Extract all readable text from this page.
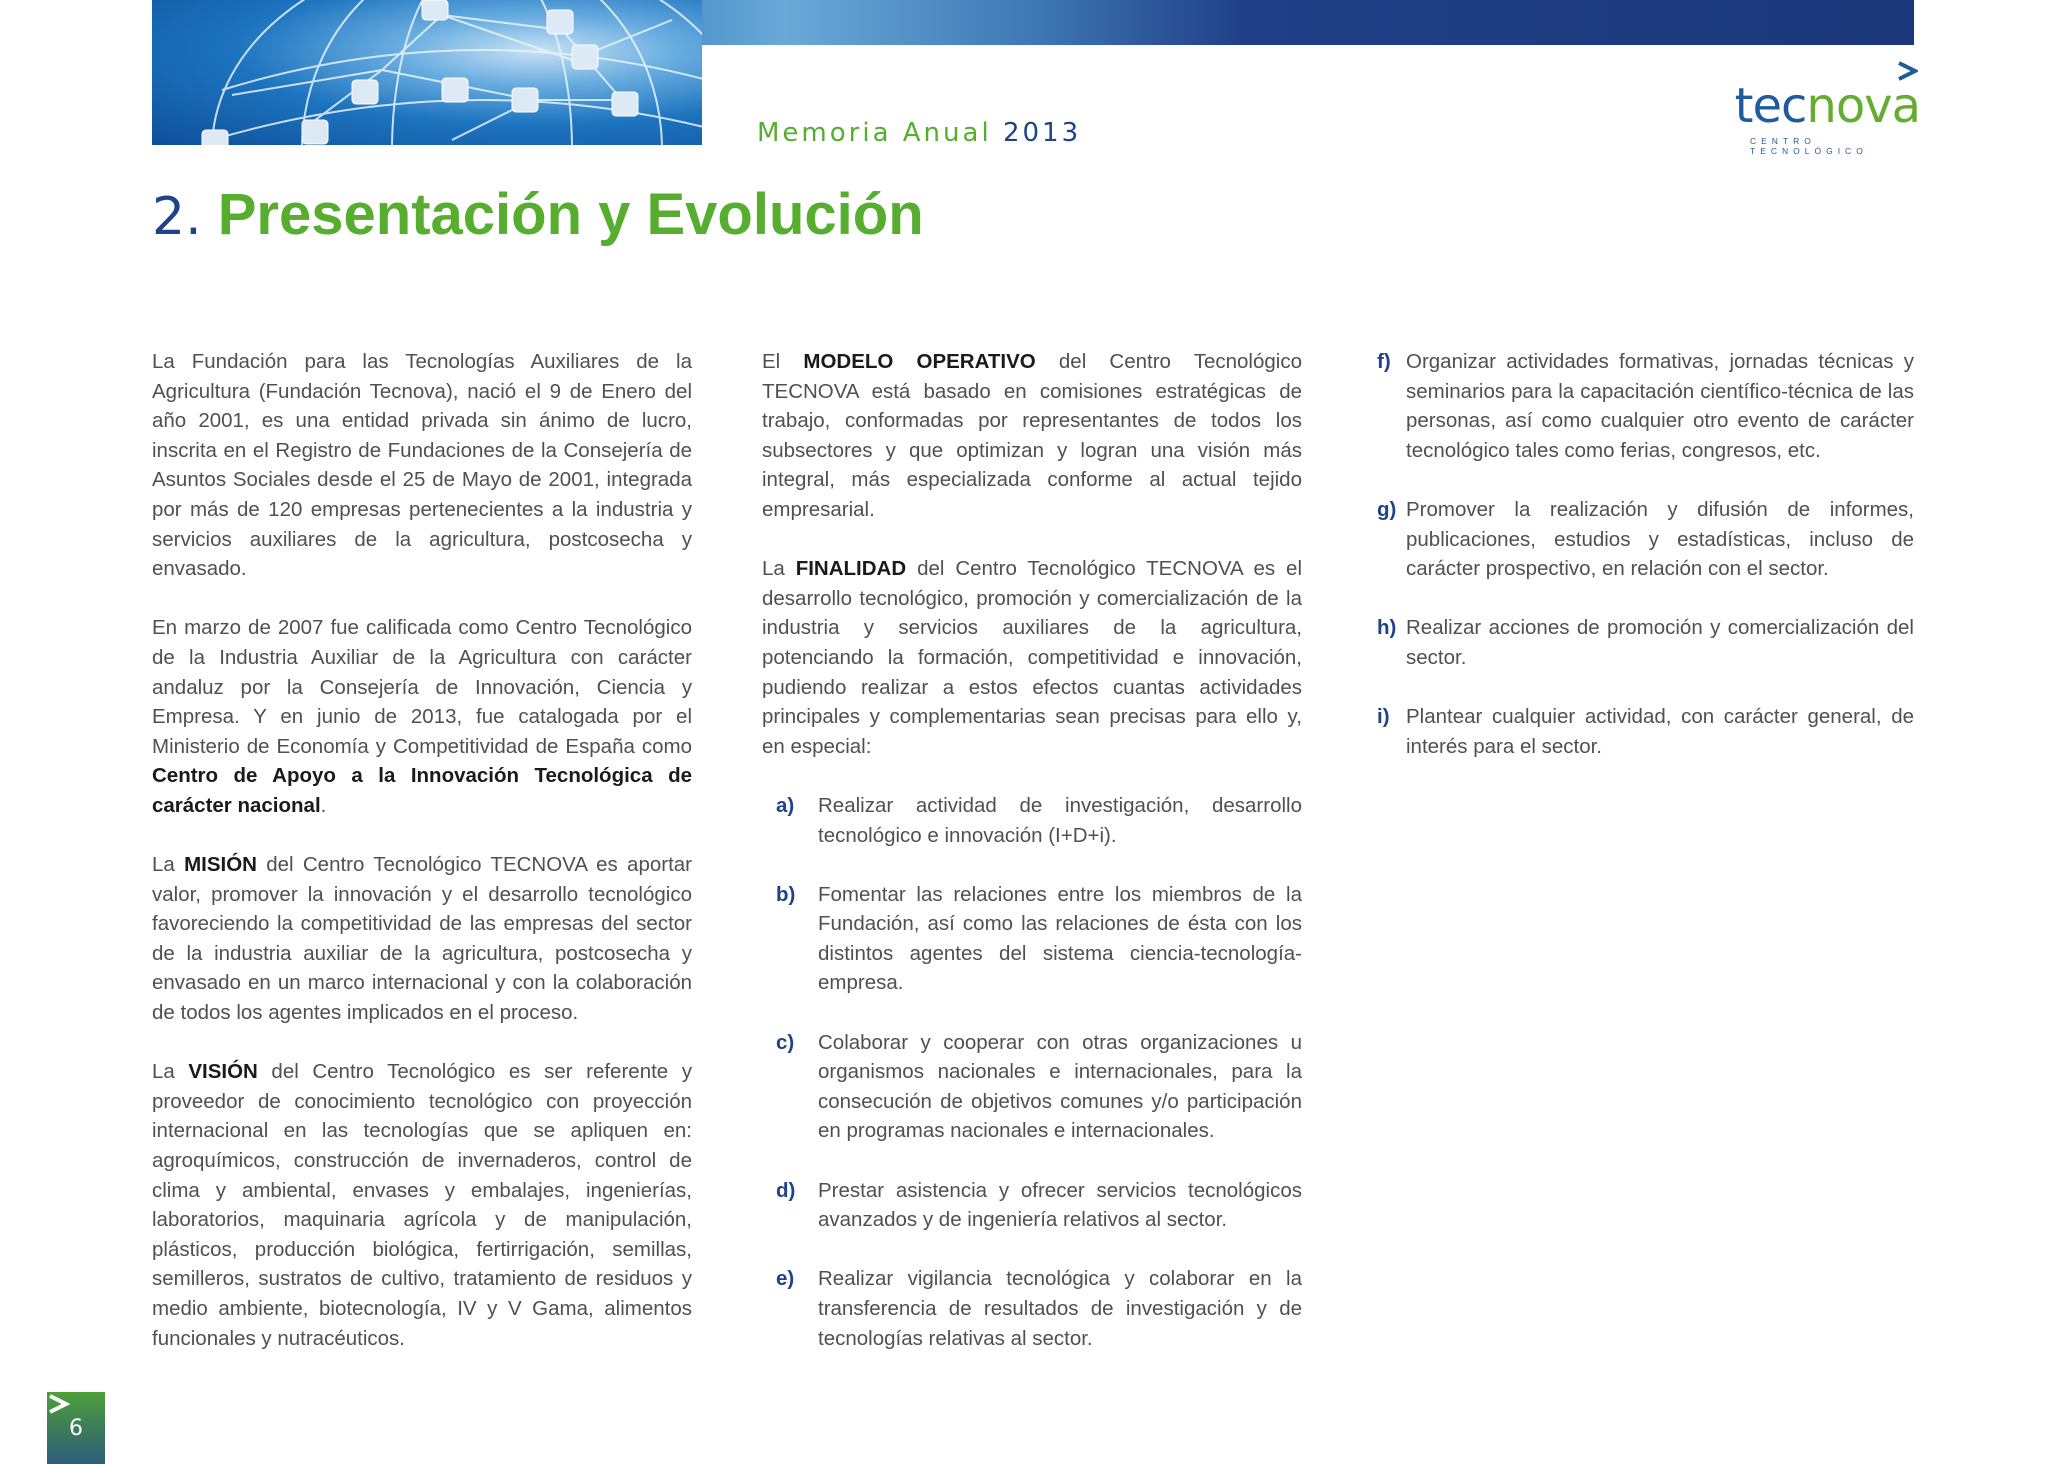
Memoria Anual 2013	tecnova
CENTRO TECNOLÓGICO
2. Presentación y Evolución

La Fundación para las Tecnologías Auxiliares de la Agricultura (Fundación Tecnova), nació el 9 de Enero del año 2001, es una entidad privada sin ánimo de lucro, inscrita en el Registro de Fundaciones de la Consejería de Asuntos Sociales desde el 25 de Mayo de 2001, integrada por más de 120 empresas pertenecientes a la industria y servicios auxiliares de la agricultura, postcosecha y envasado.

En marzo de 2007 fue calificada como Centro Tecnológico de la Industria Auxiliar de la Agricultura con carácter andaluz por la Consejería de Innovación, Ciencia y Empresa. Y en junio de 2013, fue catalogada por el Ministerio de Economía y Competitividad de España como Centro de Apoyo a la Innovación Tecnológica de carácter nacional.

La MISIÓN del Centro Tecnológico TECNOVA es aportar valor, promover la innovación y el desarrollo tecnológico favoreciendo la competitividad de las empresas del sector de la industria auxiliar de la agricultura, postcosecha y envasado en un marco internacional y con la colaboración de todos los agentes implicados en el proceso.

La VISIÓN del Centro Tecnológico es ser referente y proveedor de conocimiento tecnológico con proyección internacional en las tecnologías que se apliquen en: agroquímicos, construcción de invernaderos, control de clima y ambiental, envases y embalajes, ingenierías, laboratorios, maquinaria agrícola y de manipulación, plásticos, producción biológica, fertirrigación, semillas, semilleros, sustratos de cultivo, tratamiento de residuos y medio ambiente, biotecnología, IV y V Gama, alimentos funcionales y nutracéuticos.

El MODELO OPERATIVO del Centro Tecnológico TECNOVA está basado en comisiones estratégicas de trabajo, conformadas por representantes de todos los subsectores y que optimizan y logran una visión más integral, más especializada conforme al actual tejido empresarial.

La FINALIDAD del Centro Tecnológico TECNOVA es el desarrollo tecnológico, promoción y comercialización de la industria y servicios auxiliares de la agricultura, potenciando la formación, competitividad e innovación, pudiendo realizar a estos efectos cuantas actividades principales y complementarias sean precisas para ello y, en especial:

a) Realizar actividad de investigación, desarrollo tecnológico e innovación (I+D+i).
b) Fomentar las relaciones entre los miembros de la Fundación, así como las relaciones de ésta con los distintos agentes del sistema ciencia-tecnología-empresa.
c) Colaborar y cooperar con otras organizaciones u organismos nacionales e internacionales, para la consecución de objetivos comunes y/o participación en programas nacionales e internacionales.
d) Prestar asistencia y ofrecer servicios tecnológicos avanzados y de ingeniería relativos al sector.
e) Realizar vigilancia tecnológica y colaborar en la transferencia de resultados de investigación y de tecnologías relativas al sector.
f) Organizar actividades formativas, jornadas técnicas y seminarios para la capacitación científico-técnica de las personas, así como cualquier otro evento de carácter tecnológico tales como ferias, congresos, etc.
g) Promover la realización y difusión de informes, publicaciones, estudios y estadísticas, incluso de carácter prospectivo, en relación con el sector.
h) Realizar acciones de promoción y comercialización del sector.
i) Plantear cualquier actividad, con carácter general, de interés para el sector.
6
